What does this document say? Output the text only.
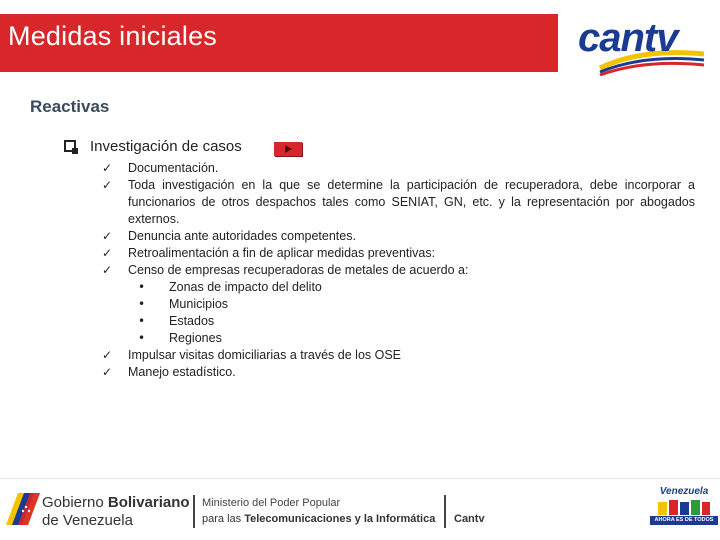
Medidas iniciales	cantv
Reactivas
Investigación de casos
✓ Documentación.
✓ Toda investigación en la que se determine la participación de recuperadora, debe incorporar a funcionarios de otros despachos tales como SENIAT, GN, etc. y la representación por abogados externos.
✓ Denuncia ante autoridades competentes.
✓ Retroalimentación a fin de aplicar medidas preventivas:
✓ Censo de empresas recuperadoras de metales de acuerdo a:
• Zonas de impacto del delito
• Municipios
• Estados
• Regiones
✓ Impulsar visitas domiciliarias a través de los OSE
✓ Manejo estadístico.
Gobierno Bolivariano
de Venezuela
Ministerio del Poder Popular
para las Telecomunicaciones y la Informática Cantv
Venezuela
AHORA ES DE TODOS
